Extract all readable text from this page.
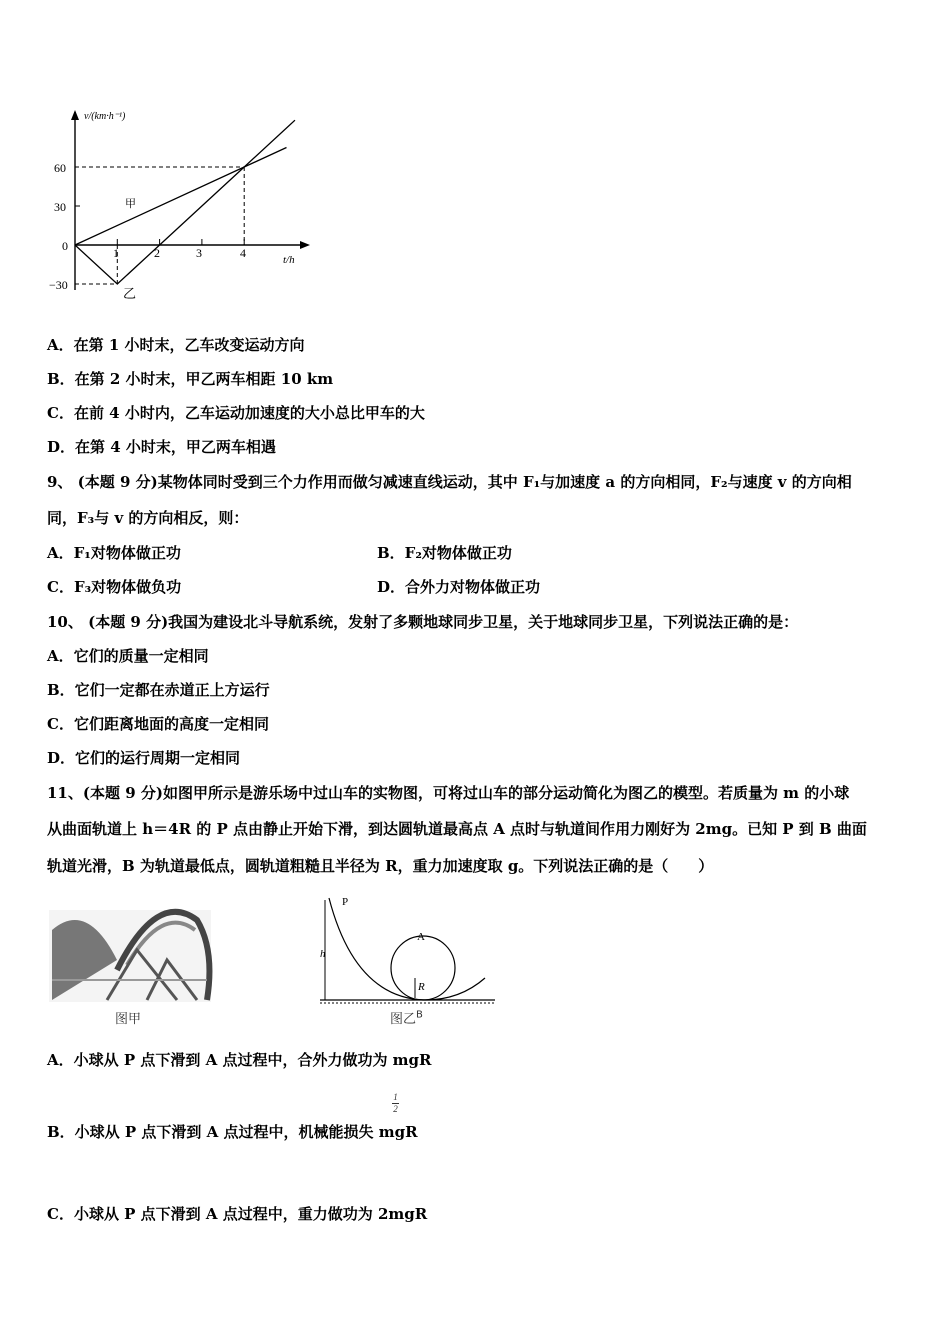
v/(km·h⁻¹)
t/h
60
30
0
−30
1	2	3	4
甲
乙
A．在第 1 小时末，乙车改变运动方向
B．在第 2 小时末，甲乙两车相距 10 km
C．在前 4 小时内，乙车运动加速度的大小总比甲车的大
D．在第 4 小时末，甲乙两车相遇
9、 (本题 9 分)某物体同时受到三个力作用而做匀减速直线运动，其中 F₁与加速度 a 的方向相同，F₂与速度 v 的方向相
同，F₃与 v 的方向相反，则：
A．F₁对物体做正功	B．F₂对物体做正功
C．F₃对物体做负功	D．合外力对物体做正功
10、 (本题 9 分)我国为建设北斗导航系统，发射了多颗地球同步卫星，关于地球同步卫星，下列说法正确的是：
A．它们的质量一定相同
B．它们一定都在赤道正上方运行
C．它们距离地面的高度一定相同
D．它们的运行周期一定相同
11、(本题 9 分)如图甲所示是游乐场中过山车的实物图，可将过山车的部分运动简化为图乙的模型。若质量为 m 的小球
从曲面轨道上 h＝4R 的 P 点由静止开始下滑，到达圆轨道最高点 A 点时与轨道间作用力刚好为 2mg。已知 P 到 B 曲面
轨道光滑，B 为轨道最低点，圆轨道粗糙且半径为 R，重力加速度取 g。下列说法正确的是（　　）
图甲
P
A
h
R
图乙$^B$
A．小球从 P 点下滑到 A 点过程中，合外力做功为 mgR
$\frac{1}{2}$
B．小球从 P 点下滑到 A 点过程中，机械能损失 mgR
C．小球从 P 点下滑到 A 点过程中，重力做功为 2mgR
